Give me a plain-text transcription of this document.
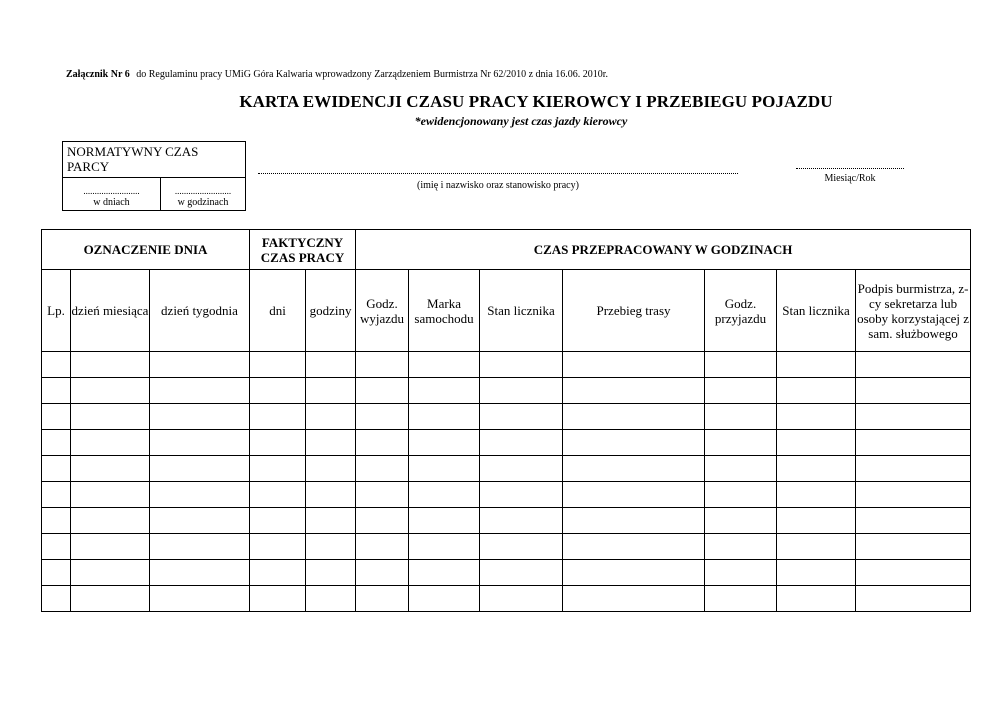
Załącznik Nr 6 do Regulaminu pracy UMiG Góra Kalwaria wprowadzony Zarządzeniem Burmistrza Nr 62/2010 z dnia 16.06. 2010r.
KARTA EWIDENCJI CZASU PRACY KIEROWCY I PRZEBIEGU POJAZDU
*ewidencjonowany jest czas jazdy kierowcy
NORMATYWNY CZAS PARCY
.........................
w dniach
.........................
w godzinach
(imię i nazwisko oraz stanowisko pracy)
Miesiąc/Rok
OZNACZENIE DNIA			FAKTYCZNY CZAS PRACY		CZAS PRZEPRACOWANY W GODZINACH						
Lp.	dzień miesiąca	dzień tygodnia	dni	godziny	Godz. wyjazdu	Marka samochodu	Stan licznika	Przebieg trasy	Godz. przyjazdu	Stan licznika	Podpis burmistrza, z-cy sekretarza lub osoby korzystającej z sam. służbowego
